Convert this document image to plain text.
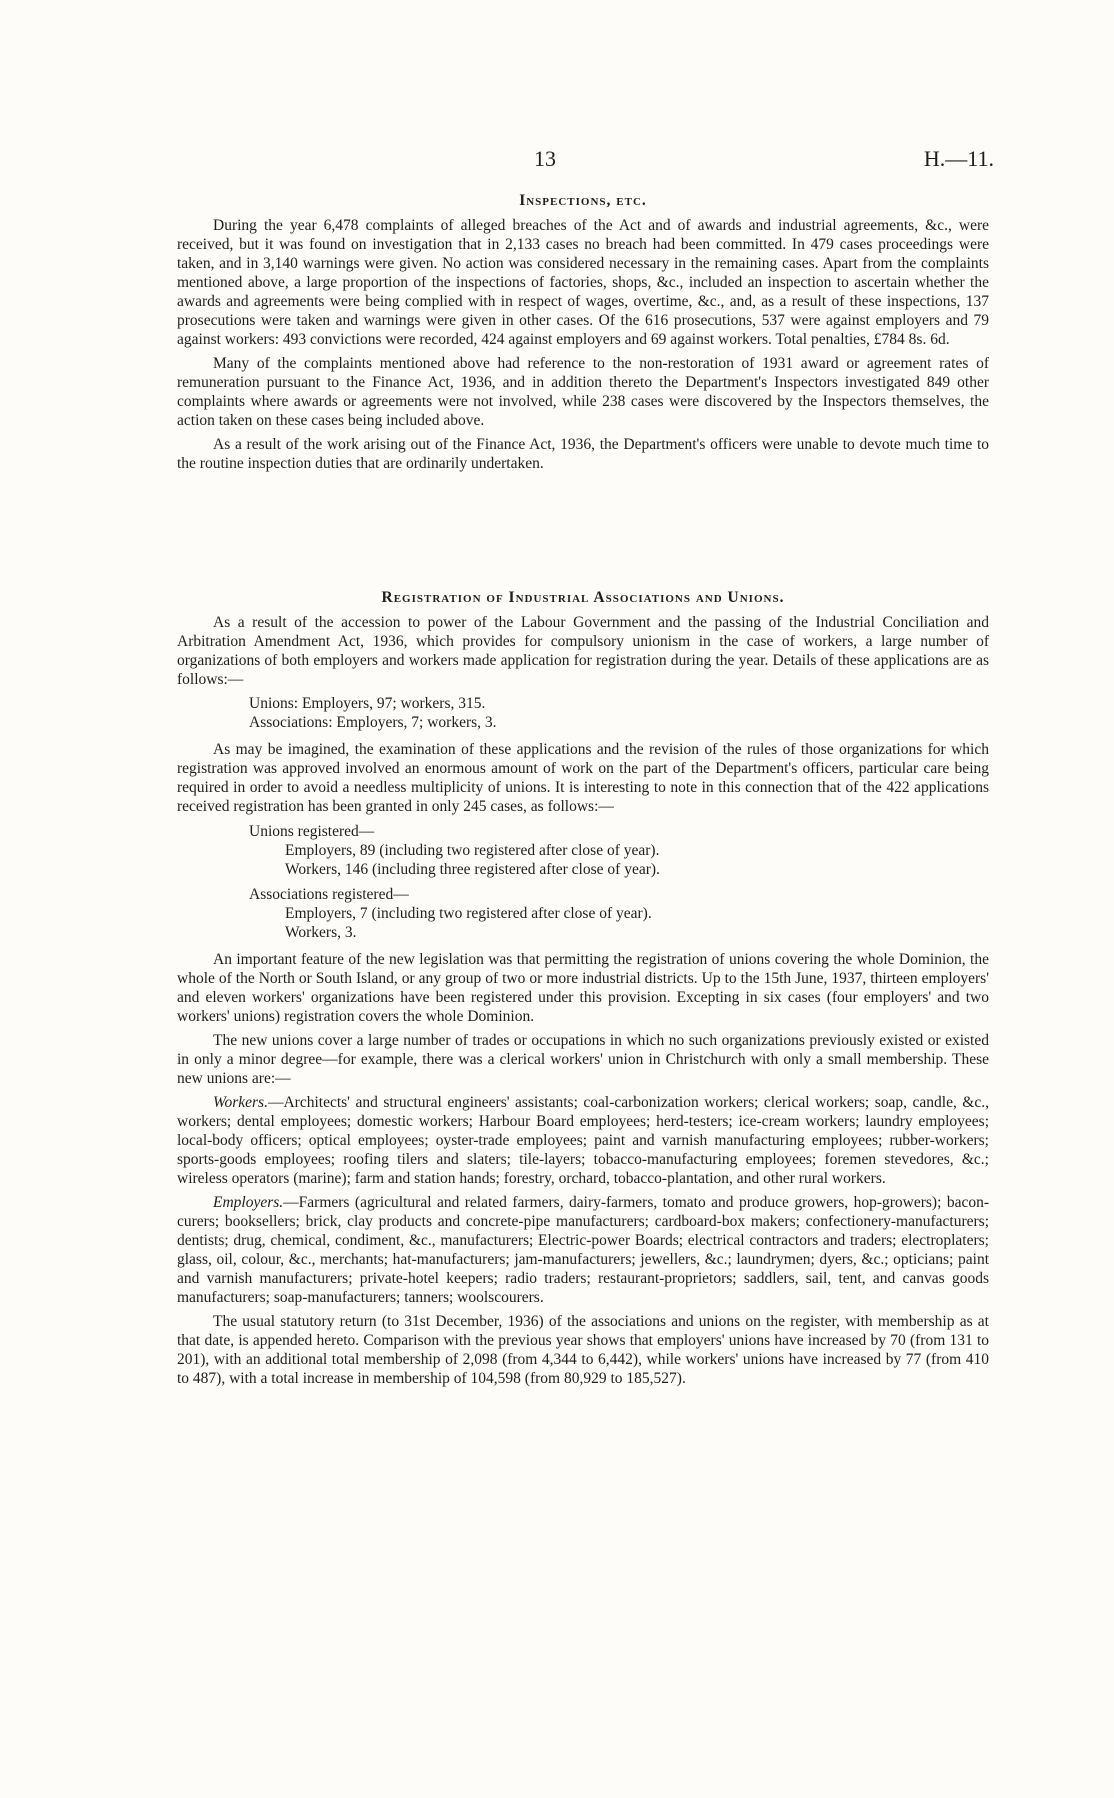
13	H.—11.
Inspections, etc.

During the year 6,478 complaints of alleged breaches of the Act and of awards and industrial agreements, &c., were received, but it was found on investigation that in 2,133 cases no breach had been committed. In 479 cases proceedings were taken, and in 3,140 warnings were given. No action was considered necessary in the remaining cases. Apart from the complaints mentioned above, a large proportion of the inspections of factories, shops, &c., included an inspection to ascertain whether the awards and agreements were being complied with in respect of wages, overtime, &c., and, as a result of these inspections, 137 prosecutions were taken and warnings were given in other cases. Of the 616 prosecutions, 537 were against employers and 79 against workers: 493 convictions were recorded, 424 against employers and 69 against workers. Total penalties, £784 8s. 6d.

Many of the complaints mentioned above had reference to the non-restoration of 1931 award or agreement rates of remuneration pursuant to the Finance Act, 1936, and in addition thereto the Department's Inspectors investigated 849 other complaints where awards or agreements were not involved, while 238 cases were discovered by the Inspectors themselves, the action taken on these cases being included above.

As a result of the work arising out of the Finance Act, 1936, the Department's officers were unable to devote much time to the routine inspection duties that are ordinarily undertaken.

Registration of Industrial Associations and Unions.

As a result of the accession to power of the Labour Government and the passing of the Industrial Conciliation and Arbitration Amendment Act, 1936, which provides for compulsory unionism in the case of workers, a large number of organizations of both employers and workers made application for registration during the year. Details of these applications are as follows:—

Unions: Employers, 97; workers, 315.
Associations: Employers, 7; workers, 3.

As may be imagined, the examination of these applications and the revision of the rules of those organizations for which registration was approved involved an enormous amount of work on the part of the Department's officers, particular care being required in order to avoid a needless multiplicity of unions. It is interesting to note in this connection that of the 422 applications received registration has been granted in only 245 cases, as follows:—

Unions registered—
Employers, 89 (including two registered after close of year).
Workers, 146 (including three registered after close of year).
Associations registered—
Employers, 7 (including two registered after close of year).
Workers, 3.

An important feature of the new legislation was that permitting the registration of unions covering the whole Dominion, the whole of the North or South Island, or any group of two or more industrial districts. Up to the 15th June, 1937, thirteen employers' and eleven workers' organizations have been registered under this provision. Excepting in six cases (four employers' and two workers' unions) registration covers the whole Dominion.

The new unions cover a large number of trades or occupations in which no such organizations previously existed or existed in only a minor degree—for example, there was a clerical workers' union in Christchurch with only a small membership. These new unions are:—

Workers.—Architects' and structural engineers' assistants; coal-carbonization workers; clerical workers; soap, candle, &c., workers; dental employees; domestic workers; Harbour Board employees; herd-testers; ice-cream workers; laundry employees; local-body officers; optical employees; oyster-trade employees; paint and varnish manufacturing employees; rubber-workers; sports-goods employees; roofing tilers and slaters; tile-layers; tobacco-manufacturing employees; foremen stevedores, &c.; wireless operators (marine); farm and station hands; forestry, orchard, tobacco-plantation, and other rural workers.

Employers.—Farmers (agricultural and related farmers, dairy-farmers, tomato and produce growers, hop-growers); bacon-curers; booksellers; brick, clay products and concrete-pipe manufacturers; cardboard-box makers; confectionery-manufacturers; dentists; drug, chemical, condiment, &c., manufacturers; Electric-power Boards; electrical contractors and traders; electroplaters; glass, oil, colour, &c., merchants; hat-manufacturers; jam-manufacturers; jewellers, &c.; laundrymen; dyers, &c.; opticians; paint and varnish manufacturers; private-hotel keepers; radio traders; restaurant-proprietors; saddlers, sail, tent, and canvas goods manufacturers; soap-manufacturers; tanners; woolscourers.

The usual statutory return (to 31st December, 1936) of the associations and unions on the register, with membership as at that date, is appended hereto. Comparison with the previous year shows that employers' unions have increased by 70 (from 131 to 201), with an additional total membership of 2,098 (from 4,344 to 6,442), while workers' unions have increased by 77 (from 410 to 487), with a total increase in membership of 104,598 (from 80,929 to 185,527).
